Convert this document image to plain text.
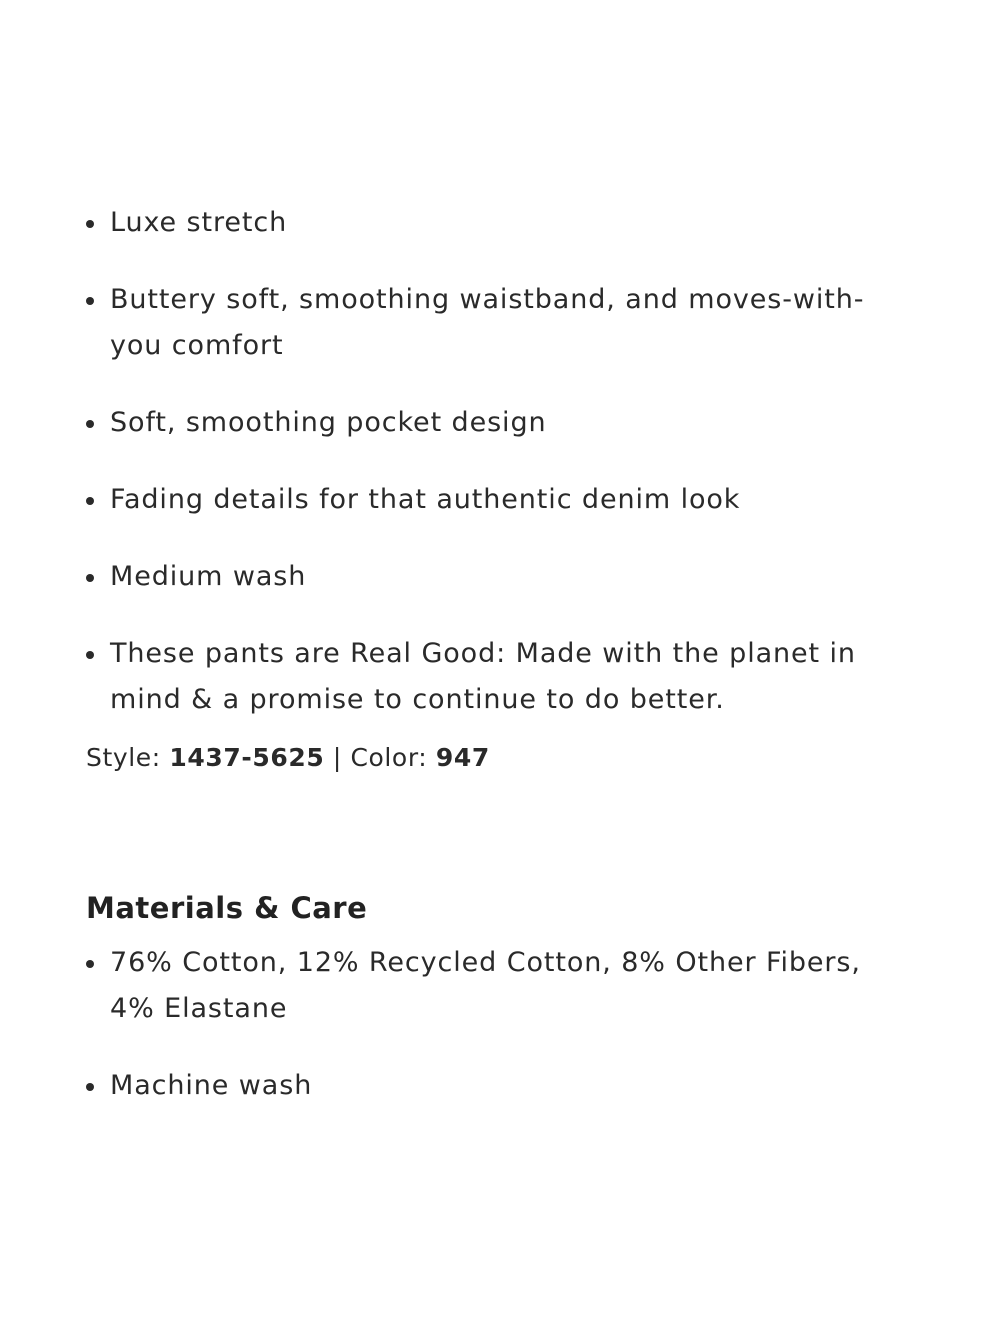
Luxe stretch
Buttery soft, smoothing waistband, and moves-with-you comfort
Soft, smoothing pocket design
Fading details for that authentic denim look
Medium wash
These pants are Real Good: Made with the planet in mind & a promise to continue to do better.
Style: 1437-5625 | Color: 947
Materials & Care
76% Cotton, 12% Recycled Cotton, 8% Other Fibers, 4% Elastane
Machine wash
